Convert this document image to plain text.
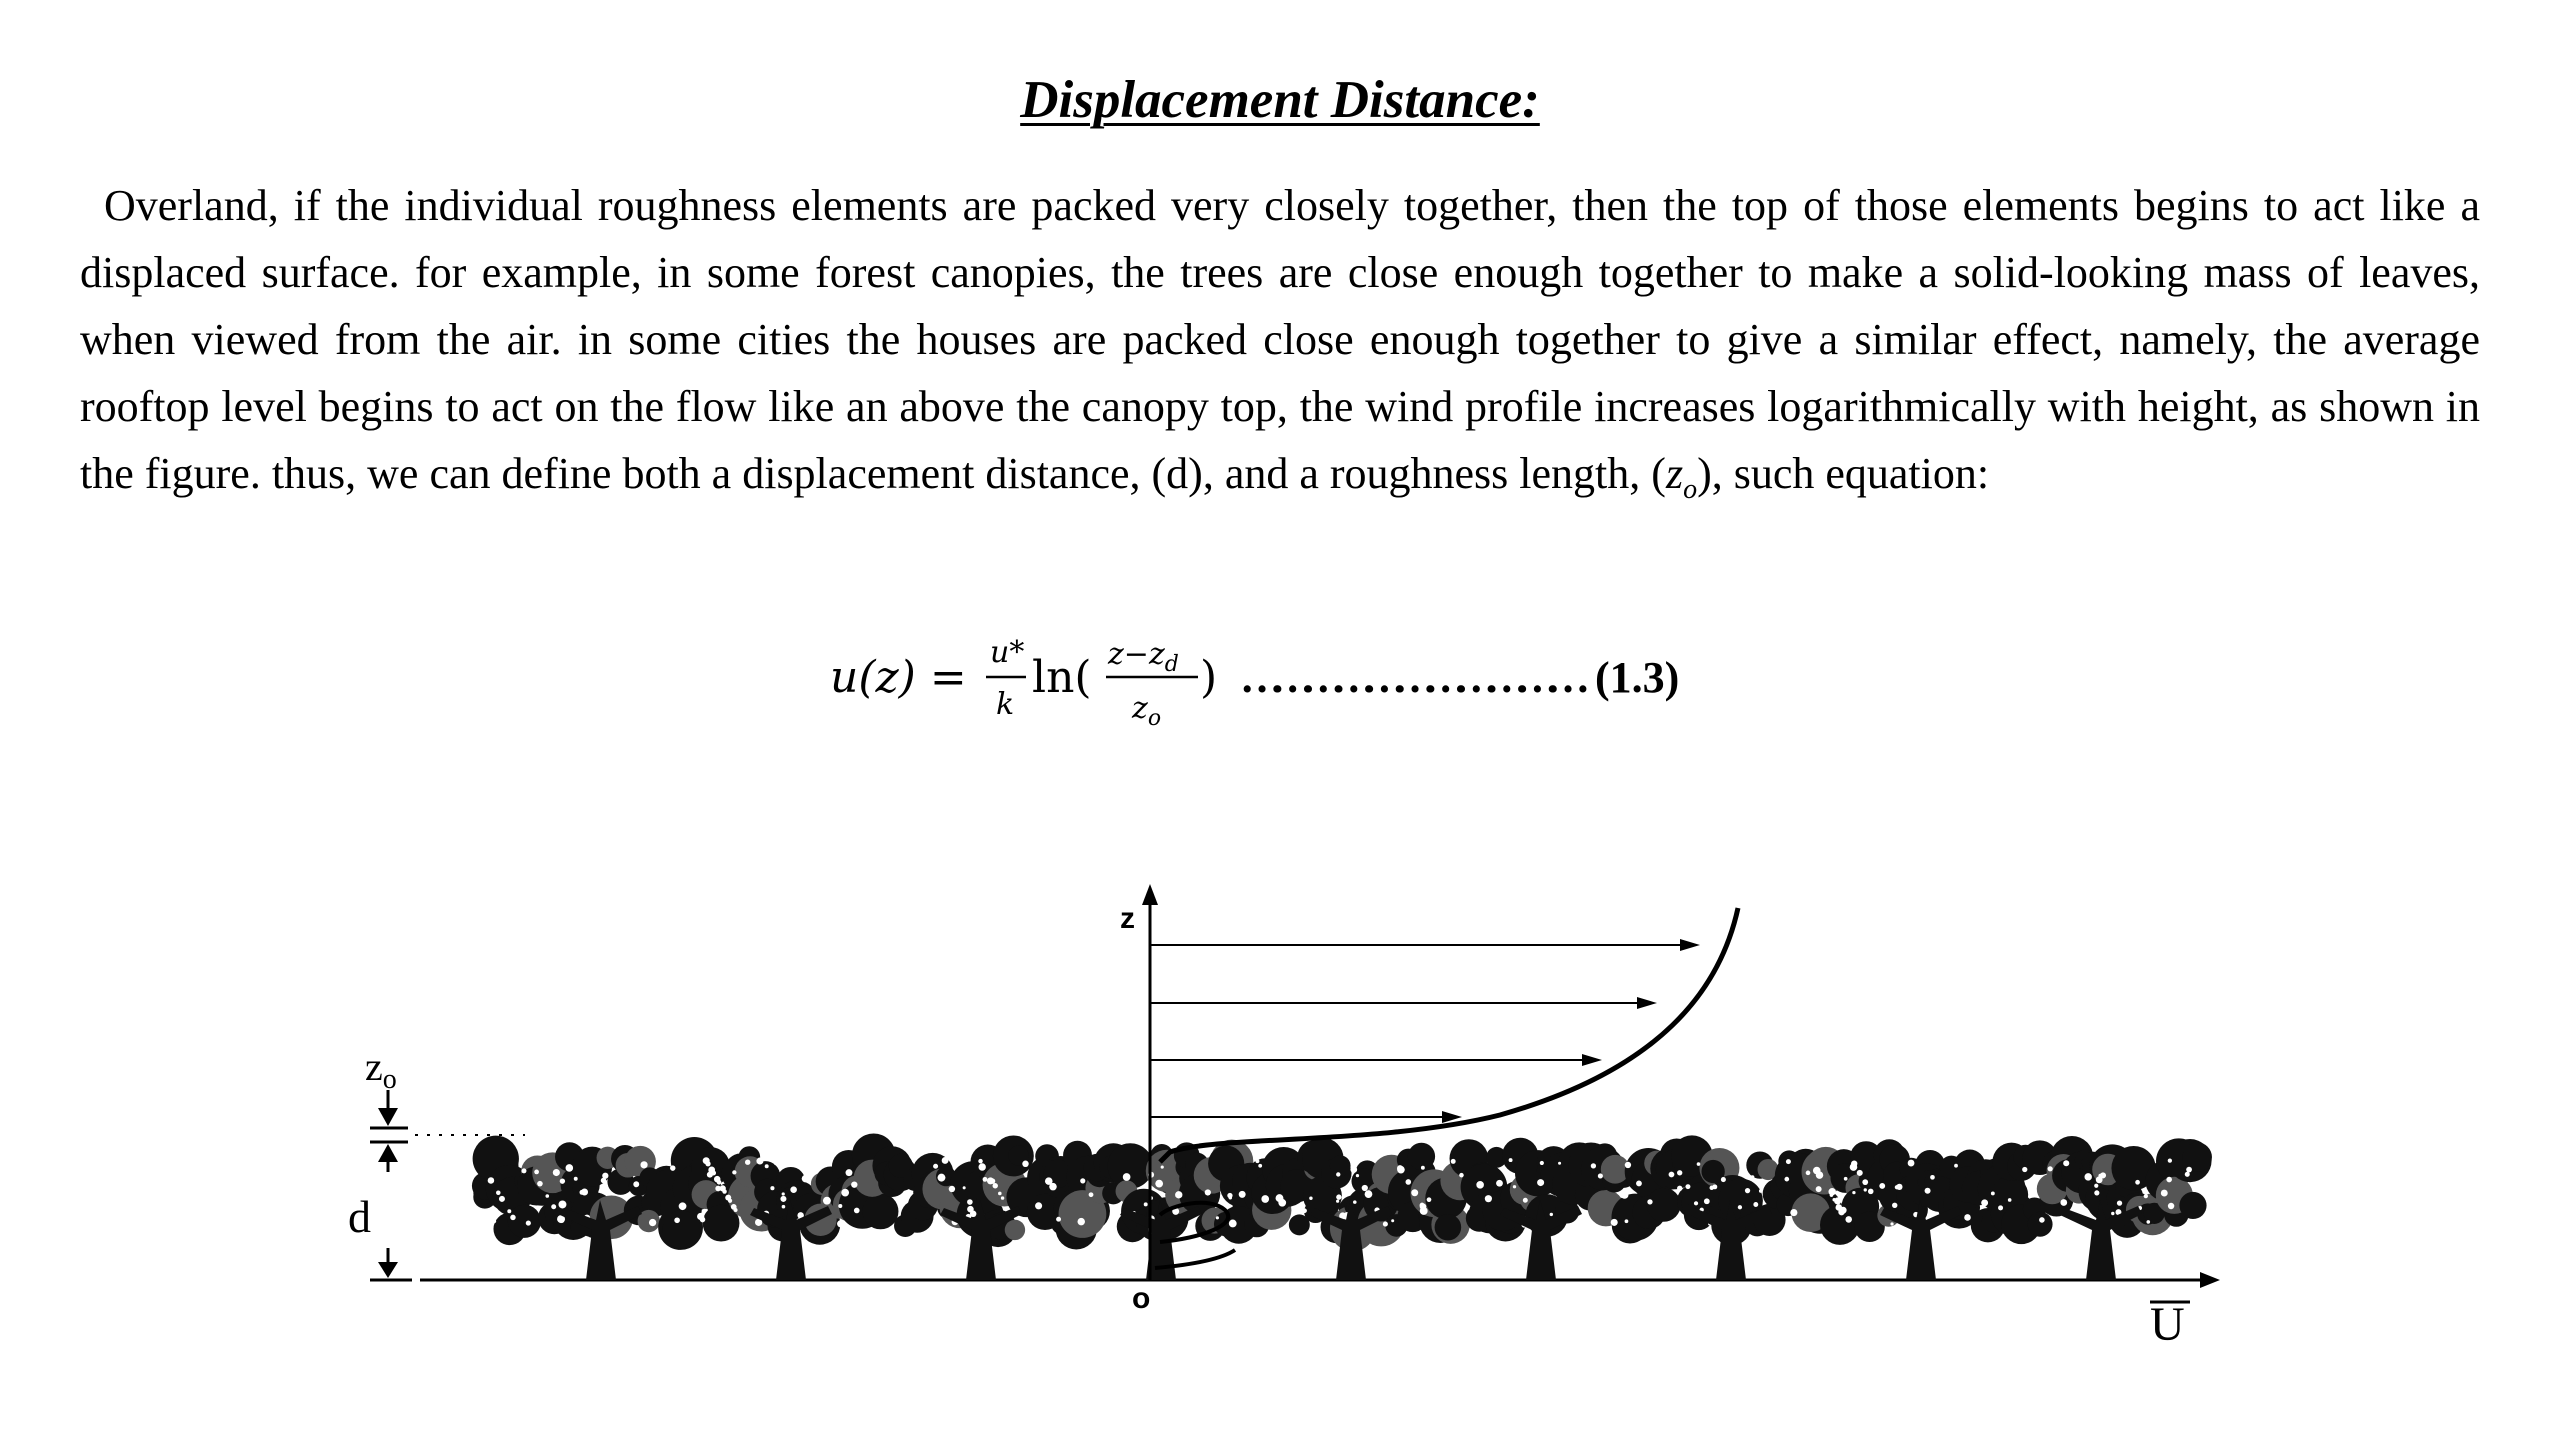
Displacement Distance:

Overland, if the individual roughness elements are packed very closely together, then the top of those elements begins to act like a displaced surface. for example, in some forest canopies, the trees are close enough together to make a solid-looking mass of leaves, when viewed from the air. in some cities the houses are packed close enough together to give a similar effect, namely, the average rooftop level begins to act on the flow like an above the canopy top, the wind profile increases logarithmically with height, as shown in the figure. thus, we can define both a displacement distance, (d), and a roughness length, $(z_o)$, such equation:

u(z) = u*
k
ln( $z-z_d$
$z_o$
) …………………………… (1.3)
U
z
o
$z_o$
d
